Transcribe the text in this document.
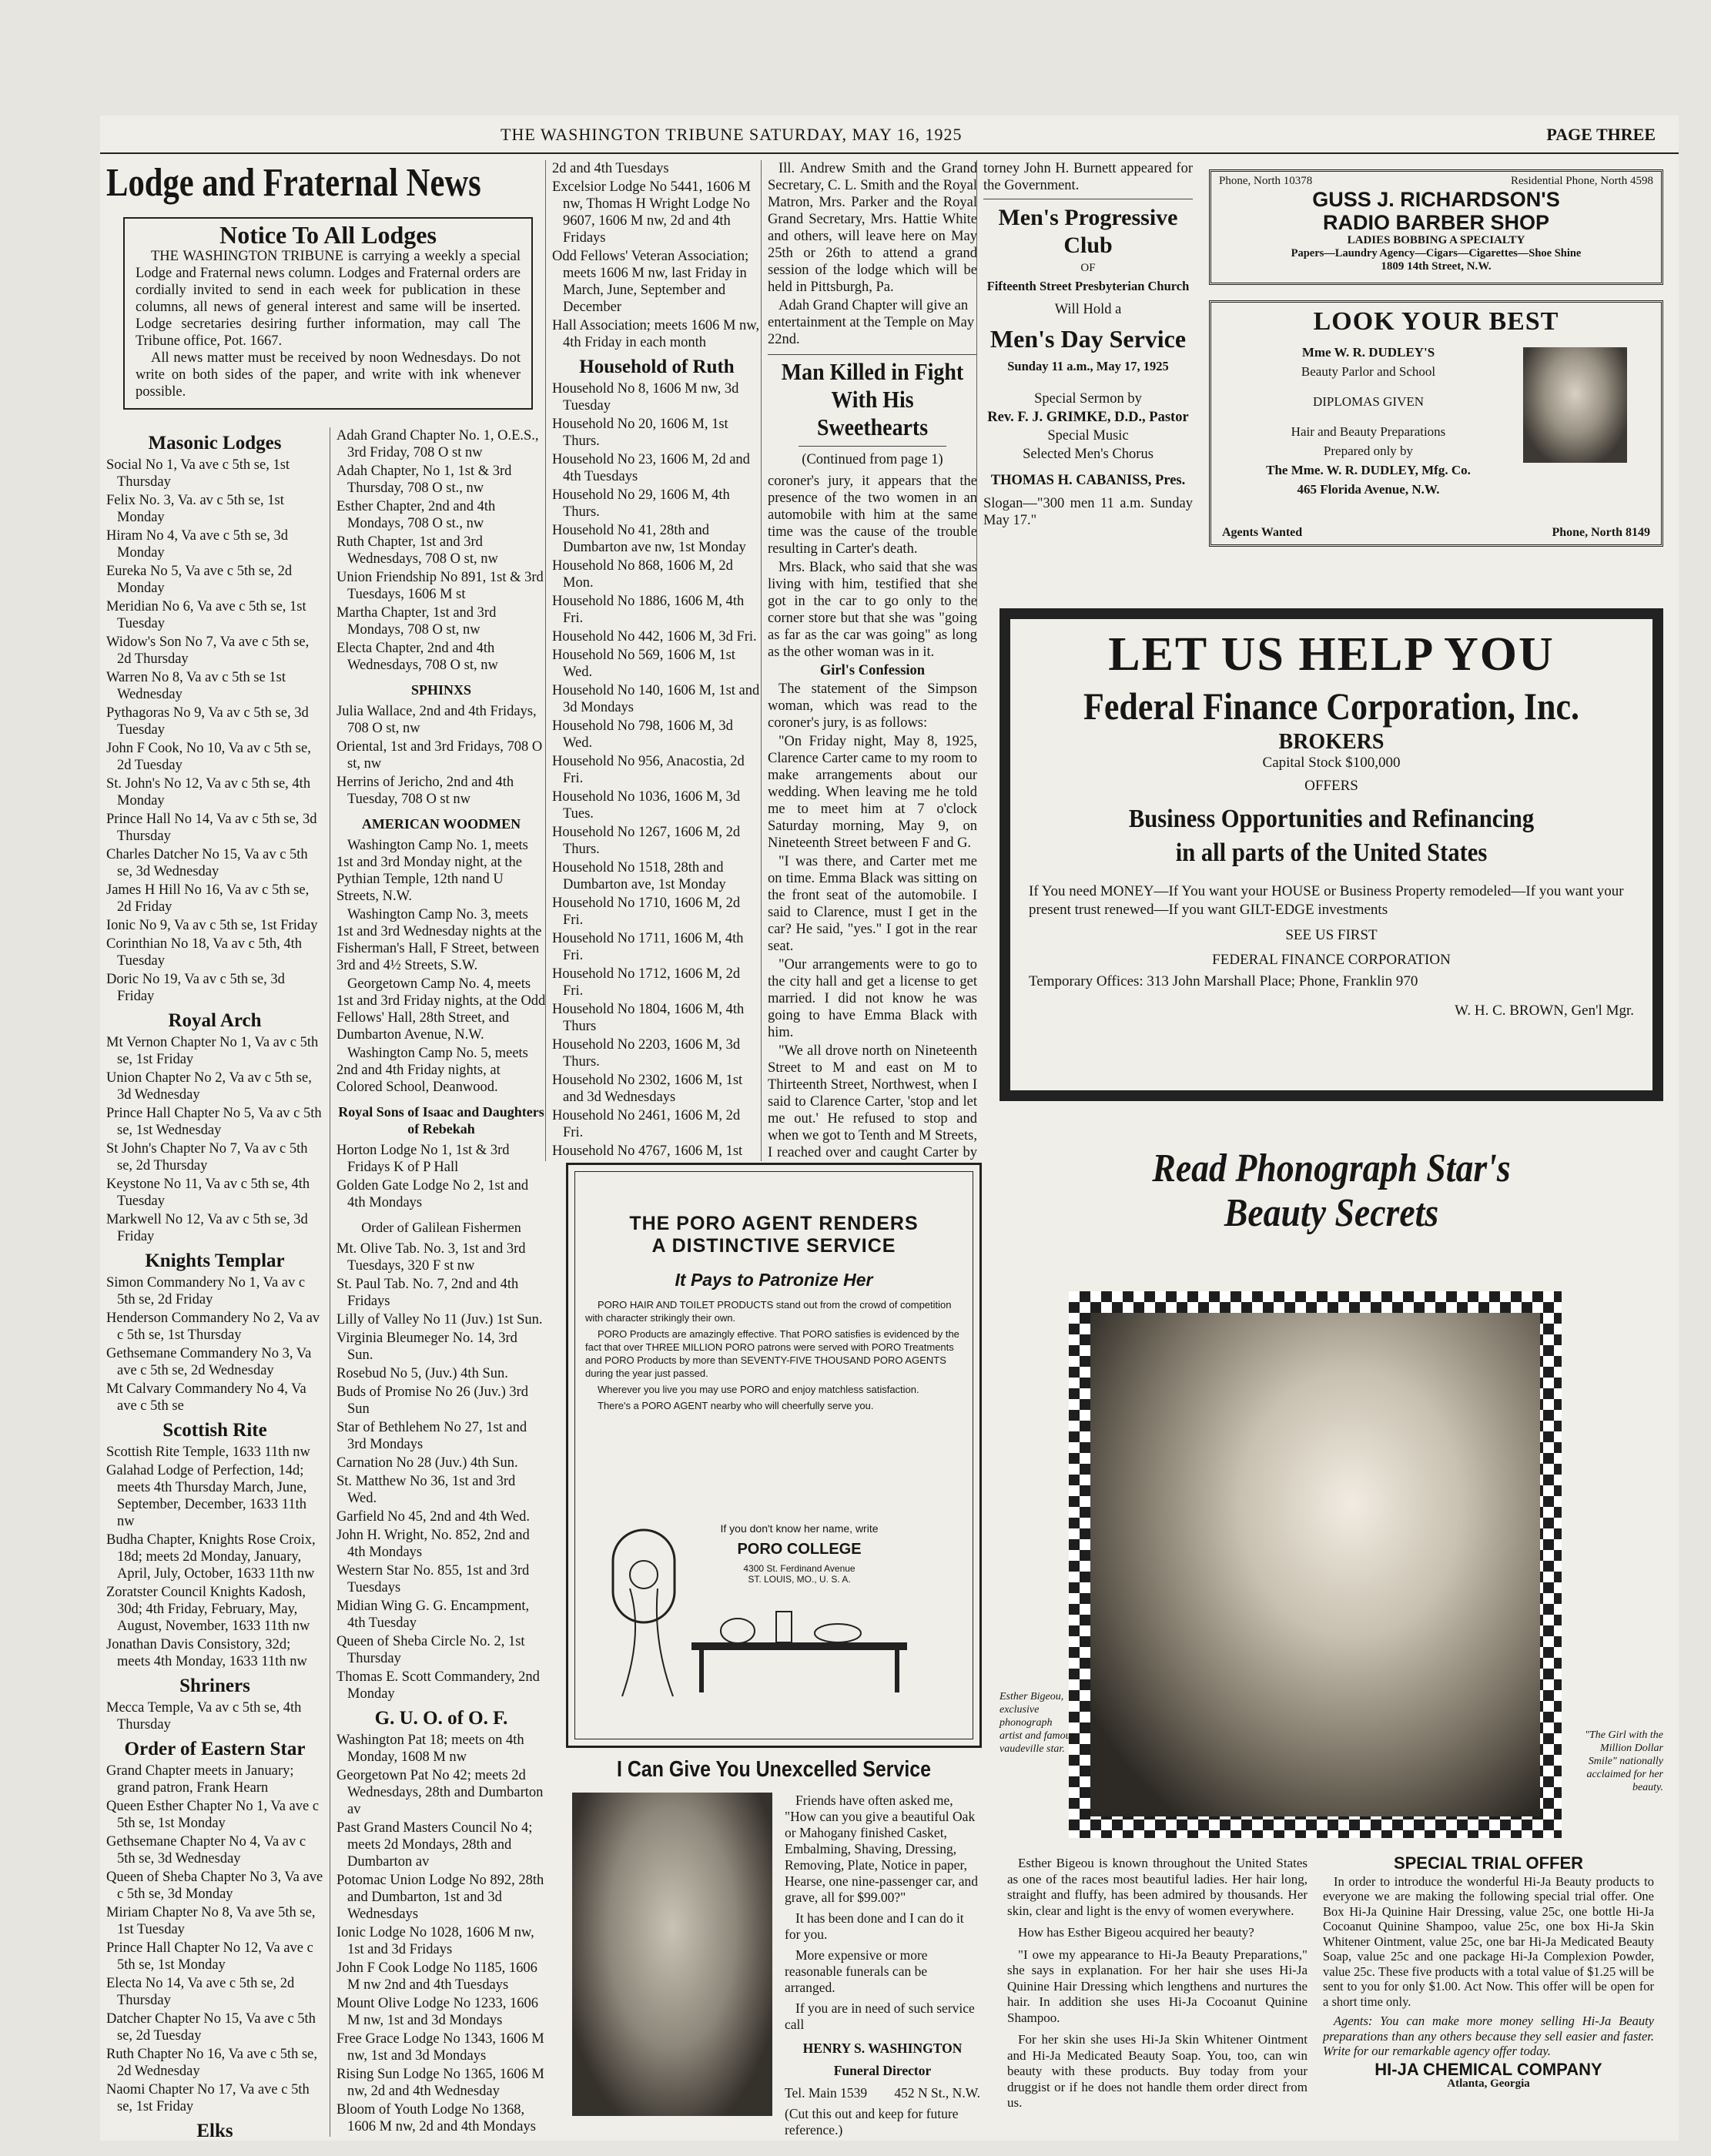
THE WASHINGTON TRIBUNE SATURDAY, MAY 16, 1925	PAGE THREE
Lodge and Fraternal News
Notice To All Lodges
THE WASHINGTON TRIBUNE is carrying a weekly a special Lodge and Fraternal news column. Lodges and Fraternal orders are cordially invited to send in each week for publication in these columns, all news of general interest and same will be inserted. Lodge secretaries desiring further information, may call The Tribune office, Pot. 1667.
All news matter must be received by noon Wednesdays. Do not write on both sides of the paper, and write with ink whenever possible.
Masonic Lodges

Social No 1, Va ave c 5th se, 1st Thursday

Felix No. 3, Va. av c 5th se, 1st Monday

Hiram No 4, Va ave c 5th se, 3d Monday

Eureka No 5, Va ave c 5th se, 2d Monday

Meridian No 6, Va ave c 5th se, 1st Tuesday

Widow's Son No 7, Va ave c 5th se, 2d Thursday

Warren No 8, Va av c 5th se 1st Wednesday

Pythagoras No 9, Va av c 5th se, 3d Tuesday

John F Cook, No 10, Va av c 5th se, 2d Tuesday

St. John's No 12, Va av c 5th se, 4th Monday

Prince Hall No 14, Va av c 5th se, 3d Thursday

Charles Datcher No 15, Va av c 5th se, 3d Wednesday

James H Hill No 16, Va av c 5th se, 2d Friday

Ionic No 9, Va av c 5th se, 1st Friday

Corinthian No 18, Va av c 5th, 4th Tuesday

Doric No 19, Va av c 5th se, 3d Friday

Royal Arch

Mt Vernon Chapter No 1, Va av c 5th se, 1st Friday

Union Chapter No 2, Va av c 5th se, 3d Wednesday

Prince Hall Chapter No 5, Va av c 5th se, 1st Wednesday

St John's Chapter No 7, Va av c 5th se, 2d Thursday

Keystone No 11, Va av c 5th se, 4th Tuesday

Markwell No 12, Va av c 5th se, 3d Friday

Knights Templar

Simon Commandery No 1, Va av c 5th se, 2d Friday

Henderson Commandery No 2, Va av c 5th se, 1st Thursday

Gethsemane Commandery No 3, Va ave c 5th se, 2d Wednesday

Mt Calvary Commandery No 4, Va ave c 5th se

Scottish Rite

Scottish Rite Temple, 1633 11th nw

Galahad Lodge of Perfection, 14d; meets 4th Thursday March, June, September, December, 1633 11th nw

Budha Chapter, Knights Rose Croix, 18d; meets 2d Monday, January, April, July, October, 1633 11th nw

Zoratster Council Knights Kadosh, 30d; 4th Friday, February, May, August, November, 1633 11th nw

Jonathan Davis Consistory, 32d; meets 4th Monday, 1633 11th nw

Shriners

Mecca Temple, Va av c 5th se, 4th Thursday

Order of Eastern Star

Grand Chapter meets in January; grand patron, Frank Hearn

Queen Esther Chapter No 1, Va ave c 5th se, 1st Monday

Gethsemane Chapter No 4, Va av c 5th se, 3d Wednesday

Queen of Sheba Chapter No 3, Va ave c 5th se, 3d Monday

Miriam Chapter No 8, Va ave 5th se, 1st Tuesday

Prince Hall Chapter No 12, Va ave c 5th se, 1st Monday

Electa No 14, Va ave c 5th se, 2d Thursday

Datcher Chapter No 15, Va ave c 5th se, 2d Tuesday

Ruth Chapter No 16, Va ave c 5th se, 2d Wednesday

Naomi Chapter No 17, Va ave c 5th se, 1st Friday

Elks

Adah Grand Chapter No. 1, O.E.S., 3rd Friday, 708 O st nw

Adah Chapter, No 1, 1st & 3rd Thursday, 708 O st., nw

Esther Chapter, 2nd and 4th Mondays, 708 O st., nw

Ruth Chapter, 1st and 3rd Wednesdays, 708 O st, nw

Union Friendship No 891, 1st & 3rd Tuesdays, 1606 M st

Martha Chapter, 1st and 3rd Mondays, 708 O st, nw

Electa Chapter, 2nd and 4th Wednesdays, 708 O st, nw

SPHINXS

Julia Wallace, 2nd and 4th Fridays, 708 O st, nw

Oriental, 1st and 3rd Fridays, 708 O st, nw

Herrins of Jericho, 2nd and 4th Tuesday, 708 O st nw

AMERICAN WOODMEN

Washington Camp No. 1, meets 1st and 3rd Monday night, at the Pythian Temple, 12th nand U Streets, N.W.

Washington Camp No. 3, meets 1st and 3rd Wednesday nights at the Fisherman's Hall, F Street, between 3rd and 4½ Streets, S.W.

Georgetown Camp No. 4, meets 1st and 3rd Friday nights, at the Odd Fellows' Hall, 28th Street, and Dumbarton Avenue, N.W.

Washington Camp No. 5, meets 2nd and 4th Friday nights, at Colored School, Deanwood.

Royal Sons of Isaac and Daughters of Rebekah

Horton Lodge No 1, 1st & 3rd Fridays K of P Hall

Golden Gate Lodge No 2, 1st and 4th Mondays

Order of Galilean Fishermen

Mt. Olive Tab. No. 3, 1st and 3rd Tuesdays, 320 F st nw

St. Paul Tab. No. 7, 2nd and 4th Fridays

Lilly of Valley No 11 (Juv.) 1st Sun.

Virginia Bleumeger No. 14, 3rd Sun.

Rosebud No 5, (Juv.) 4th Sun.

Buds of Promise No 26 (Juv.) 3rd Sun

Star of Bethlehem No 27, 1st and 3rd Mondays

Carnation No 28 (Juv.) 4th Sun.

St. Matthew No 36, 1st and 3rd Wed.

Garfield No 45, 2nd and 4th Wed.

John H. Wright, No. 852, 2nd and 4th Mondays

Western Star No. 855, 1st and 3rd Tuesdays

Midian Wing G. G. Encampment, 4th Tuesday

Queen of Sheba Circle No. 2, 1st Thursday

Thomas E. Scott Commandery, 2nd Monday

G. U. O. of O. F.

Washington Pat 18; meets on 4th Monday, 1608 M nw

Georgetown Pat No 42; meets 2d Wednesdays, 28th and Dumbarton av

Past Grand Masters Council No 4; meets 2d Mondays, 28th and Dumbarton av

Potomac Union Lodge No 892, 28th and Dumbarton, 1st and 3d Wednesdays

Ionic Lodge No 1028, 1606 M nw, 1st and 3d Fridays

John F Cook Lodge No 1185, 1606 M nw 2nd and 4th Tuesdays

Mount Olive Lodge No 1233, 1606 M nw, 1st and 3d Mondays

Free Grace Lodge No 1343, 1606 M nw, 1st and 3d Mondays

Rising Sun Lodge No 1365, 1606 M nw, 2d and 4th Wednesday

Bloom of Youth Lodge No 1368, 1606 M nw, 2d and 4th Mondays

2d and 4th Tuesdays

Excelsior Lodge No 5441, 1606 M nw, Thomas H Wright Lodge No 9607, 1606 M nw, 2d and 4th Fridays

Odd Fellows' Veteran Association; meets 1606 M nw, last Friday in March, June, September and December

Hall Association; meets 1606 M nw, 4th Friday in each month

Household of Ruth

Household No 8, 1606 M nw, 3d Tuesday

Household No 20, 1606 M, 1st Thurs.

Household No 23, 1606 M, 2d and 4th Tuesdays

Household No 29, 1606 M, 4th Thurs.

Household No 41, 28th and Dumbarton ave nw, 1st Monday

Household No 868, 1606 M, 2d Mon.

Household No 1886, 1606 M, 4th Fri.

Household No 442, 1606 M, 3d Fri.

Household No 569, 1606 M, 1st Wed.

Household No 140, 1606 M, 1st and 3d Mondays

Household No 798, 1606 M, 3d Wed.

Household No 956, Anacostia, 2d Fri.

Household No 1036, 1606 M, 3d Tues.

Household No 1267, 1606 M, 2d Thurs.

Household No 1518, 28th and Dumbarton ave, 1st Monday

Household No 1710, 1606 M, 2d Fri.

Household No 1711, 1606 M, 4th Fri.

Household No 1712, 1606 M, 2d Fri.

Household No 1804, 1606 M, 4th Thurs

Household No 2203, 1606 M, 3d Thurs.

Household No 2302, 1606 M, 1st and 3d Wednesdays

Household No 2461, 1606 M, 2d Fri.

Household No 4767, 1606 M, 1st

Ill. Andrew Smith and the Grand Secretary, C. L. Smith and the Royal Matron, Mrs. Parker and the Royal Grand Secretary, Mrs. Hattie White and others, will leave here on May 25th or 26th to attend a grand session of the lodge which will be held in Pittsburgh, Pa.

Adah Grand Chapter will give an entertainment at the Temple on May 22nd.

Man Killed in Fight With His Sweethearts

(Continued from page 1)

coroner's jury, it appears that the presence of the two women in an automobile with him at the same time was the cause of the trouble resulting in Carter's death.

Mrs. Black, who said that she was living with him, testified that she got in the car to go only to the corner store but that she was "going as far as the car was going" as long as the other woman was in it.

Girl's Confession

The statement of the Simpson woman, which was read to the coroner's jury, is as follows:

"On Friday night, May 8, 1925, Clarence Carter came to my room to make arrangements about our wedding. When leaving me he told me to meet him at 7 o'clock Saturday morning, May 9, on Nineteenth Street between F and G.

"I was there, and Carter met me on time. Emma Black was sitting on the front seat of the automobile. I said to Clarence, must I get in the car? He said, "yes." I got in the rear seat.

"Our arrangements were to go to the city hall and get a license to get married. I did not know he was going to have Emma Black with him.

"We all drove north on Nineteenth Street to M and east on M to Thirteenth Street, Northwest, when I said to Clarence Carter, 'stop and let me out.' He refused to stop and when we got to Tenth and M Streets, I reached over and caught Carter by

torney John H. Burnett appeared for the Government.

Men's Progressive Club

OF

Fifteenth Street Presbyterian Church

Will Hold a

Men's Day Service

Sunday 11 a.m., May 17, 1925

Special Sermon by

Rev. F. J. GRIMKE, D.D., Pastor

Special Music

Selected Men's Chorus

THOMAS H. CABANISS, Pres.

Slogan—"300 men 11 a.m. Sunday May 17."

Phone, North 10378	Residential Phone, North 4598
GUSS J. RICHARDSON'S
RADIO BARBER SHOP
LADIES BOBBING A SPECIALTY
Papers—Laundry Agency—Cigars—Cigarettes—Shoe Shine
1809 14th Street, N.W.
LOOK YOUR BEST
Mme W. R. DUDLEY'S
Beauty Parlor and School
DIPLOMAS GIVEN
Hair and Beauty Preparations
Prepared only by
The Mme. W. R. DUDLEY, Mfg. Co.
465 Florida Avenue, N.W.
Agents Wanted	Phone, North 8149
LET US HELP YOU
Federal Finance Corporation, Inc.
BROKERS
Capital Stock $100,000
OFFERS
Business Opportunities and Refinancing
in all parts of the United States
If You need MONEY—If You want your HOUSE or Business Property remodeled—If you want your present trust renewed—If you want GILT-EDGE investments
SEE US FIRST
FEDERAL FINANCE CORPORATION
Temporary Offices: 313 John Marshall Place; Phone, Franklin 970
W. H. C. BROWN, Gen'l Mgr.
THE PORO AGENT RENDERS
A DISTINCTIVE SERVICE
It Pays to Patronize Her

PORO HAIR AND TOILET PRODUCTS stand out from the crowd of competition with character strikingly their own.

PORO Products are amazingly effective. That PORO satisfies is evidenced by the fact that over THREE MILLION PORO patrons were served with PORO Treatments and PORO Products by more than SEVENTY-FIVE THOUSAND PORO AGENTS during the year just passed.

Wherever you live you may use PORO and enjoy matchless satisfaction.

There's a PORO AGENT nearby who will cheerfully serve you.

If you don't know her name, write
PORO COLLEGE
4300 St. Ferdinand Avenue
ST. LOUIS, MO., U. S. A.
I Can Give You Unexcelled Service

Friends have often asked me, "How can you give a beautiful Oak or Mahogany finished Casket, Embalming, Shaving, Dressing, Removing, Plate, Notice in paper, Hearse, one nine-passenger car, and grave, all for $99.00?"

It has been done and I can do it for you.

More expensive or more reasonable funerals can be arranged.

If you are in need of such service call

HENRY S. WASHINGTON

Funeral Director

Tel. Main 1539 452 N St., N.W.

(Cut this out and keep for future reference.)

Read Phonograph Star's
Beauty Secrets
Esther Bigeou, exclusive phonograph artist and famous vaudeville star.
"The Girl with the Million Dollar Smile" nationally acclaimed for her beauty.

Esther Bigeou is known throughout the United States as one of the races most beautiful ladies. Her hair long, straight and fluffy, has been admired by thousands. Her skin, clear and light is the envy of women everywhere.

How has Esther Bigeou acquired her beauty?

"I owe my appearance to Hi-Ja Beauty Preparations," she says in explanation. For her hair she uses Hi-Ja Quinine Hair Dressing which lengthens and nurtures the hair. In addition she uses Hi-Ja Cocoanut Quinine Shampoo.

For her skin she uses Hi-Ja Skin Whitener Ointment and Hi-Ja Medicated Beauty Soap. You, too, can win beauty with these products. Buy today from your druggist or if he does not handle them order direct from us.

SPECIAL TRIAL OFFER

In order to introduce the wonderful Hi-Ja Beauty products to everyone we are making the following special trial offer. One Box Hi-Ja Quinine Hair Dressing, value 25c, one bottle Hi-Ja Cocoanut Quinine Shampoo, value 25c, one box Hi-Ja Skin Whitener Ointment, value 25c, one bar Hi-Ja Medicated Beauty Soap, value 25c and one package Hi-Ja Complexion Powder, value 25c. These five products with a total value of $1.25 will be sent to you for only $1.00. Act Now. This offer will be open for a short time only.

Agents: You can make more money selling Hi-Ja Beauty preparations than any others because they sell easier and faster. Write for our remarkable agency offer today.

HI-JA CHEMICAL COMPANY
Atlanta, Georgia
